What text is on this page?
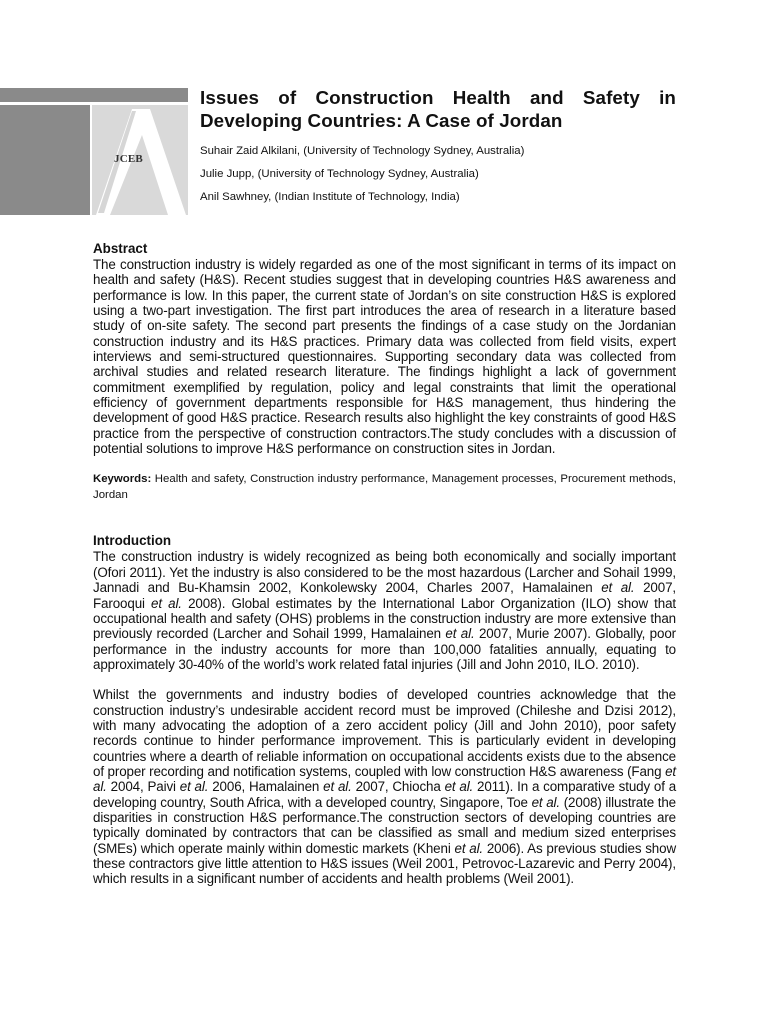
JCEB
Issues of Construction Health and Safety in Developing Countries: A Case of Jordan

Suhair Zaid Alkilani, (University of Technology Sydney, Australia)

Julie Jupp, (University of Technology Sydney, Australia)

Anil Sawhney, (Indian Institute of Technology, India)

Abstract

The construction industry is widely regarded as one of the most significant in terms of its impact on health and safety (H&S). Recent studies suggest that in developing countries H&S awareness and performance is low. In this paper, the current state of Jordan’s on site construction H&S is explored using a two-part investigation. The first part introduces the area of research in a literature based study of on-site safety. The second part presents the findings of a case study on the Jordanian construction industry and its H&S practices. Primary data was collected from field visits, expert interviews and semi-structured questionnaires. Supporting secondary data was collected from archival studies and related research literature. The findings highlight a lack of government commitment exemplified by regulation, policy and legal constraints that limit the operational efficiency of government departments responsible for H&S management, thus hindering the development of good H&S practice. Research results also highlight the key constraints of good H&S practice from the perspective of construction contractors.The study concludes with a discussion of potential solutions to improve H&S performance on construction sites in Jordan.

Keywords: Health and safety, Construction industry performance, Management processes, Procurement methods, Jordan

Introduction

The construction industry is widely recognized as being both economically and socially important (Ofori 2011). Yet the industry is also considered to be the most hazardous (Larcher and Sohail 1999, Jannadi and Bu-Khamsin 2002, Konkolewsky 2004, Charles 2007, Hamalainen et al. 2007, Farooqui et al. 2008). Global estimates by the International Labor Organization (ILO) show that occupational health and safety (OHS) problems in the construction industry are more extensive than previously recorded (Larcher and Sohail 1999, Hamalainen et al. 2007, Murie 2007). Globally, poor performance in the industry accounts for more than 100,000 fatalities annually, equating to approximately 30-40% of the world’s work related fatal injuries (Jill and John 2010, ILO. 2010).

Whilst the governments and industry bodies of developed countries acknowledge that the construction industry’s undesirable accident record must be improved (Chileshe and Dzisi 2012), with many advocating the adoption of a zero accident policy (Jill and John 2010), poor safety records continue to hinder performance improvement. This is particularly evident in developing countries where a dearth of reliable information on occupational accidents exists due to the absence of proper recording and notification systems, coupled with low construction H&S awareness (Fang et al. 2004, Paivi et al. 2006, Hamalainen et al. 2007, Chiocha et al. 2011). In a comparative study of a developing country, South Africa, with a developed country, Singapore, Toe et al. (2008) illustrate the disparities in construction H&S performance.The construction sectors of developing countries are typically dominated by contractors that can be classified as small and medium sized enterprises (SMEs) which operate mainly within domestic markets (Kheni et al. 2006). As previous studies show these contractors give little attention to H&S issues (Weil 2001, Petrovoc-Lazarevic and Perry 2004), which results in a significant number of accidents and health problems (Weil 2001).
